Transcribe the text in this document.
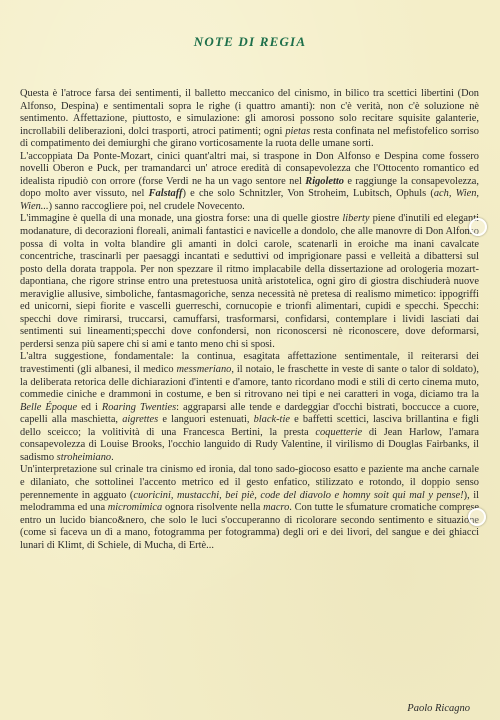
NOTE DI REGIA

Questa è l'atroce farsa dei sentimenti, il balletto meccanico del cinismo, in bilico tra scettici libertini (Don Alfonso, Despina) e sentimentali sopra le righe (i quattro amanti): non c'è verità, non c'è soluzione nè sentimento. Affettazione, piuttosto, e simulazione: gli amorosi possono solo recitare squisite galanterie, incrollabili deliberazioni, dolci trasporti, atroci patimenti; ogni pietas resta confinata nel mefistofelico sorriso di compatimento dei demiurghi che girano vorticosamente la ruota delle umane sorti.

L'accoppiata Da Ponte-Mozart, cinici quant'altri mai, si traspone in Don Alfonso e Despina come fossero novelli Oberon e Puck, per tramandarci un' atroce eredità di consapevolezza che l'Ottocento romantico ed idealista ripudiò con orrore (forse Verdi ne ha un vago sentore nel Rigoletto e raggiunge la consapevolezza, dopo molto aver vissuto, nel Falstaff) e che solo Schnitzler, Von Stroheim, Lubitsch, Ophuls (ach, Wien, Wien...) sanno raccogliere poi, nel crudele Novecento.

L'immagine è quella di una monade, una giostra forse: una di quelle giostre liberty piene d'inutili ed eleganti modanature, di decorazioni floreali, animali fantastici e navicelle a dondolo, che alle manovre di Don Alfonso possa di volta in volta blandire gli amanti in dolci carole, scatenarli in eroiche ma inani cavalcate concentriche, trascinarli per paesaggi incantati e seduttivi od imprigionare passi e velleità a dibattersi sul posto della dorata trappola. Per non spezzare il ritmo implacabile della dissertazione ad orologeria mozart-dapontiana, che rigore strinse entro una pretestuosa unità aristotelica, ogni giro di giostra dischiuderà nuove meraviglie allusive, simboliche, fantasmagoriche, senza necessità nè pretesa di realismo mimetico: ippogriffi ed unicorni, siepi fiorite e vascelli guerreschi, cornucopie e trionfi alimentari, cupidi e specchi. Specchi: specchi dove rimirarsi, truccarsi, camuffarsi, trasformarsi, confidarsi, contemplare i lividi lasciati dai sentimenti sui lineamenti;specchi dove confondersi, non riconoscersi nè riconoscere, dove deformarsi, perdersi senza più sapere chi si ami e tanto meno chi si sposi.

L'altra suggestione, fondamentale: la continua, esagitata affettazione sentimentale, il reiterarsi dei travestimenti (gli albanesi, il medico messmeriano, il notaio, le fraschette in veste di sante o talor di soldato), la deliberata retorica delle dichiarazioni d'intenti e d'amore, tanto ricordano modi e stili di certo cinema muto, commedie ciniche e drammoni in costume, e ben si ritrovano nei tipi e nei caratteri in voga, diciamo tra la Belle Époque ed i Roaring Twenties: aggraparsi alle tende e dardeggiar d'occhi bistrati, boccucce a cuore, capelli alla maschietta, aigrettes e languori estenuati, black-tie e baffetti scettici, lasciva brillantina e figli dello sceicco; la volitività di una Francesca Bertini, la presta coquetterie di Jean Harlow, l'amara consapevolezza di Louise Brooks, l'occhio languido di Rudy Valentine, il virilismo di Douglas Fairbanks, il sadismo stroheimiano.

Un'interpretazione sul crinale tra cinismo ed ironia, dal tono sado-giocoso esatto e paziente ma anche carnale e dilaniato, che sottolinei l'accento metrico ed il gesto enfatico, stilizzato e rotondo, il doppio senso perennemente in agguato (cuoricini, mustacchi, bei piè, code del diavolo e homny soit qui mal y pense!), il melodramma ed una micromimica ognora risolvente nella macro. Con tutte le sfumature cromatiche comprese entro un lucido bianco&nero, che solo le luci s'occuperanno di ricolorare secondo sentimento e situazione (come si faceva un dì a mano, fotogramma per fotogramma) degli ori e dei livori, del sangue e dei ghiacci lunari di Klimt, di Schiele, di Mucha, di Ertè...

Paolo Ricagno
